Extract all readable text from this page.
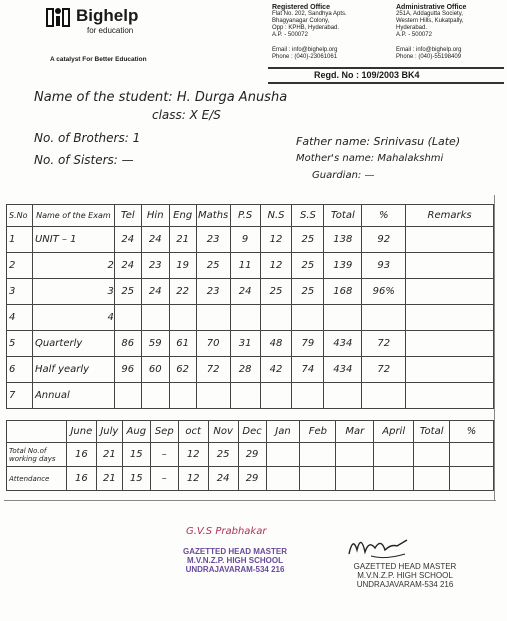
Bighelp
for education
A catalyst For Better Education
Registered Office
Flat No. 202, Sandhya Apts.
Bhagyanagar Colony,
Opp : KPHB, Hyderabad.
A.P. - 500072
Email : info@bighelp.org
Phone : (040)-23061061
Administrative Office
251A, Addagutta Society,
Western Hills, Kukatpally,
Hyderabad.
A.P. - 500072
Email : info@bighelp.org
Phone : (040)-55198409
Regd. No : 109/2003 BK4
Name of the student: H. Durga Anusha
class: X E/S
No. of Brothers: 1
No. of Sisters: —
Father name: Srinivasu (Late)
Mother's name: Mahalakshmi
Guardian: —
S.No	Name of the Exam	Tel	Hin	Eng	Maths	P.S	N.S	S.S	Total	%	Remarks
1	UNIT – 1	24	24	21	23	9	12	25	138	92	
2	2	24	23	19	25	11	12	25	139	93	
3	3	25	24	22	23	24	25	25	168	96%	
4	4										
5	Quarterly	86	59	61	70	31	48	79	434	72	
6	Half yearly	96	60	62	72	28	42	74	434	72	
7	Annual										
	June	July	Aug	Sep	oct	Nov	Dec	Jan	Feb	Mar	April	Total	%
Total No.of working days	16	21	15	–	12	25	29						
Attendance	16	21	15	–	12	24	29						
G.V.S Prabhakar
GAZETTED HEAD MASTER
M.V.N.Z.P. HIGH SCHOOL
UNDRAJAVARAM-534 216	GAZETTED HEAD MASTER
M.V.N.Z.P. HIGH SCHOOL
UNDRAJAVARAM-534 216
